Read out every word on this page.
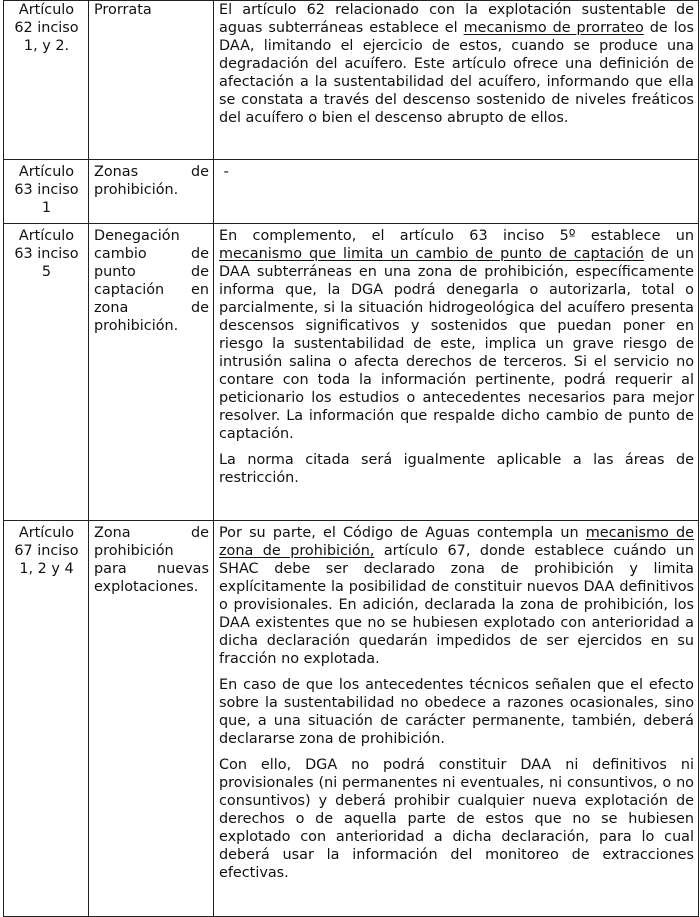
Artículo 62 inciso 1, y 2.	Prorrata	El artículo 62 relacionado con la explotación sustentable de aguas subterráneas establece el mecanismo de prorrateo de los DAA, limitando el ejercicio de estos, cuando se produce una degradación del acuífero. Este artículo ofrece una definición de afectación a la sustentabilidad del acuífero, informando que ella se constata a través del descenso sostenido de niveles freáticos del acuífero o bien el descenso abrupto de ellos.

Artículo 63 inciso 1	Zonas de prohibición.	-

Artículo 63 inciso 5	Denegación cambio de punto de captación en zona de prohibición.	En complemento, el artículo 63 inciso 5º establece un mecanismo que limita un cambio de punto de captación de un DAA subterráneas en una zona de prohibición, específicamente informa que, la DGA podrá denegarla o autorizarla, total o parcialmente, si la situación hidrogeológica del acuífero presenta descensos significativos y sostenidos que puedan poner en riesgo la sustentabilidad de este, implica un grave riesgo de intrusión salina o afecta derechos de terceros. Si el servicio no contare con toda la información pertinente, podrá requerir al peticionario los estudios o antecedentes necesarios para mejor resolver. La información que respalde dicho cambio de punto de captación.

La norma citada será igualmente aplicable a las áreas de restricción.

Artículo 67 inciso 1, 2 y 4	Zona de prohibición para nuevas explotaciones.	Por su parte, el Código de Aguas contempla un mecanismo de zona de prohibición, artículo 67, donde establece cuándo un SHAC debe ser declarado zona de prohibición y limita explícitamente la posibilidad de constituir nuevos DAA definitivos o provisionales. En adición, declarada la zona de prohibición, los DAA existentes que no se hubiesen explotado con anterioridad a dicha declaración quedarán impedidos de ser ejercidos en su fracción no explotada.

En caso de que los antecedentes técnicos señalen que el efecto sobre la sustentabilidad no obedece a razones ocasionales, sino que, a una situación de carácter permanente, también, deberá declararse zona de prohibición.

Con ello, DGA no podrá constituir DAA ni definitivos ni provisionales (ni permanentes ni eventuales, ni consuntivos, o no consuntivos) y deberá prohibir cualquier nueva explotación de derechos o de aquella parte de estos que no se hubiesen explotado con anterioridad a dicha declaración, para lo cual deberá usar la información del monitoreo de extracciones efectivas.
